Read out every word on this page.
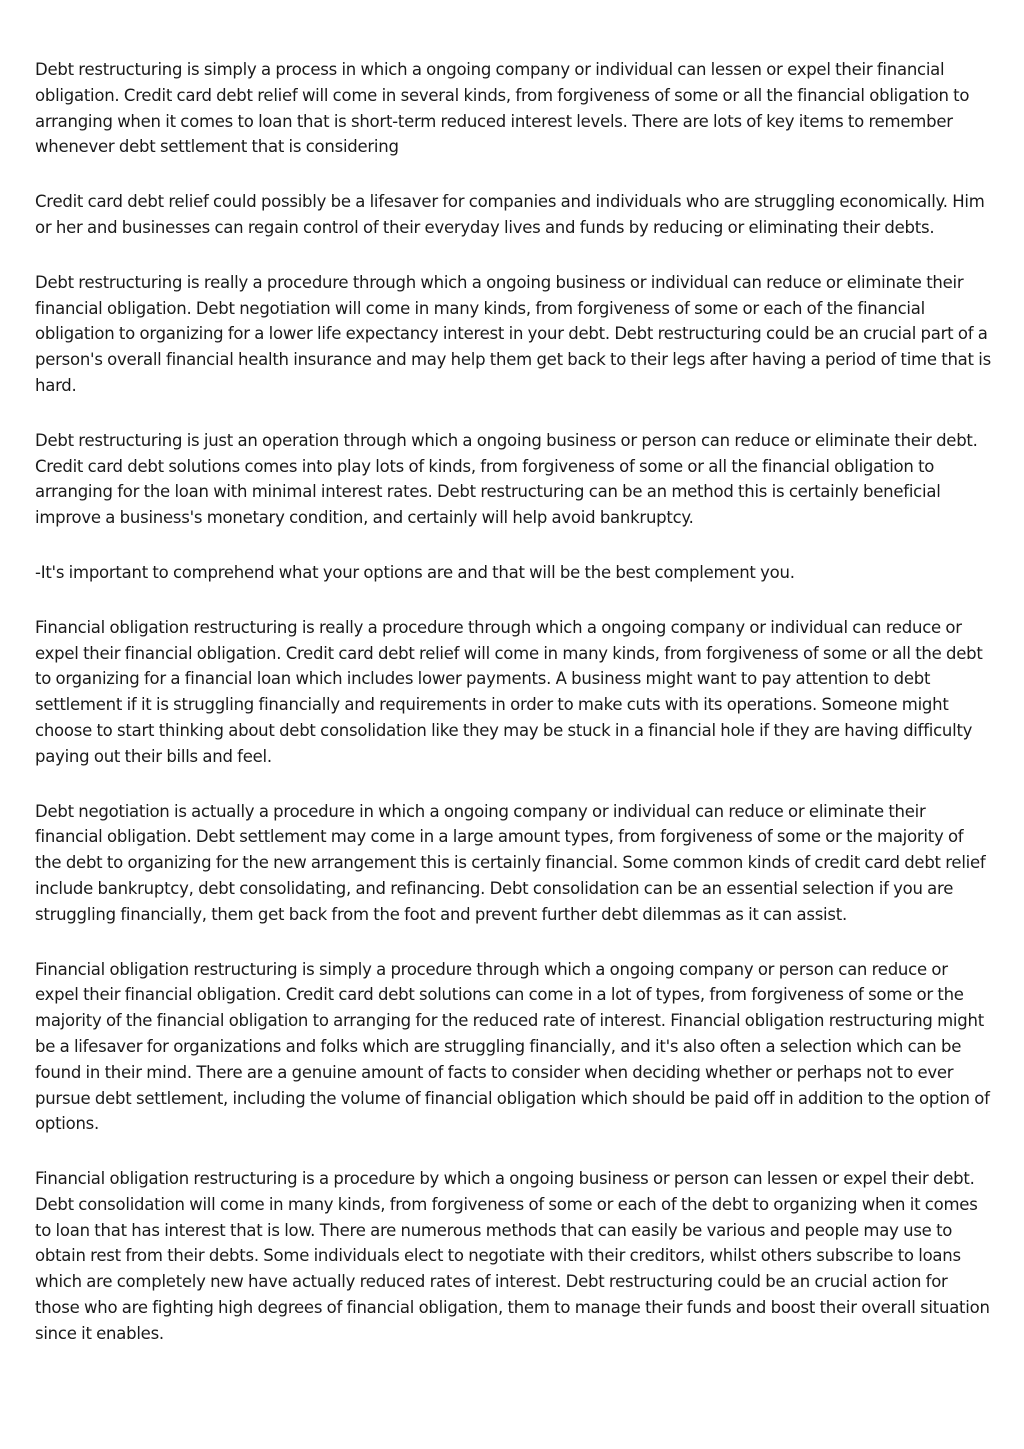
Debt restructuring is simply a process in which a ongoing company or individual can lessen or expel their financial obligation. Credit card debt relief will come in several kinds, from forgiveness of some or all the financial obligation to arranging when it comes to loan that is short-term reduced interest levels. There are lots of key items to remember whenever debt settlement that is considering

Credit card debt relief could possibly be a lifesaver for companies and individuals who are struggling economically. Him or her and businesses can regain control of their everyday lives and funds by reducing or eliminating their debts.

Debt restructuring is really a procedure through which a ongoing business or individual can reduce or eliminate their financial obligation. Debt negotiation will come in many kinds, from forgiveness of some or each of the financial obligation to organizing for a lower life expectancy interest in your debt. Debt restructuring could be an crucial part of a person's overall financial health insurance and may help them get back to their legs after having a period of time that is hard.

Debt restructuring is just an operation through which a ongoing business or person can reduce or eliminate their debt. Credit card debt solutions comes into play lots of kinds, from forgiveness of some or all the financial obligation to arranging for the loan with minimal interest rates. Debt restructuring can be an method this is certainly beneficial improve a business's monetary condition, and certainly will help avoid bankruptcy.

-It's important to comprehend what your options are and that will be the best complement you.

Financial obligation restructuring is really a procedure through which a ongoing company or individual can reduce or expel their financial obligation. Credit card debt relief will come in many kinds, from forgiveness of some or all the debt to organizing for a financial loan which includes lower payments. A business might want to pay attention to debt settlement if it is struggling financially and requirements in order to make cuts with its operations. Someone might choose to start thinking about debt consolidation like they may be stuck in a financial hole if they are having difficulty paying out their bills and feel.

Debt negotiation is actually a procedure in which a ongoing company or individual can reduce or eliminate their financial obligation. Debt settlement may come in a large amount types, from forgiveness of some or the majority of the debt to organizing for the new arrangement this is certainly financial. Some common kinds of credit card debt relief include bankruptcy, debt consolidating, and refinancing. Debt consolidation can be an essential selection if you are struggling financially, them get back from the foot and prevent further debt dilemmas as it can assist.

Financial obligation restructuring is simply a procedure through which a ongoing company or person can reduce or expel their financial obligation. Credit card debt solutions can come in a lot of types, from forgiveness of some or the majority of the financial obligation to arranging for the reduced rate of interest. Financial obligation restructuring might be a lifesaver for organizations and folks which are struggling financially, and it's also often a selection which can be found in their mind. There are a genuine amount of facts to consider when deciding whether or perhaps not to ever pursue debt settlement, including the volume of financial obligation which should be paid off in addition to the option of options.

Financial obligation restructuring is a procedure by which a ongoing business or person can lessen or expel their debt. Debt consolidation will come in many kinds, from forgiveness of some or each of the debt to organizing when it comes to loan that has interest that is low. There are numerous methods that can easily be various and people may use to obtain rest from their debts. Some individuals elect to negotiate with their creditors, whilst others subscribe to loans which are completely new have actually reduced rates of interest. Debt restructuring could be an crucial action for those who are fighting high degrees of financial obligation, them to manage their funds and boost their overall situation since it enables.
